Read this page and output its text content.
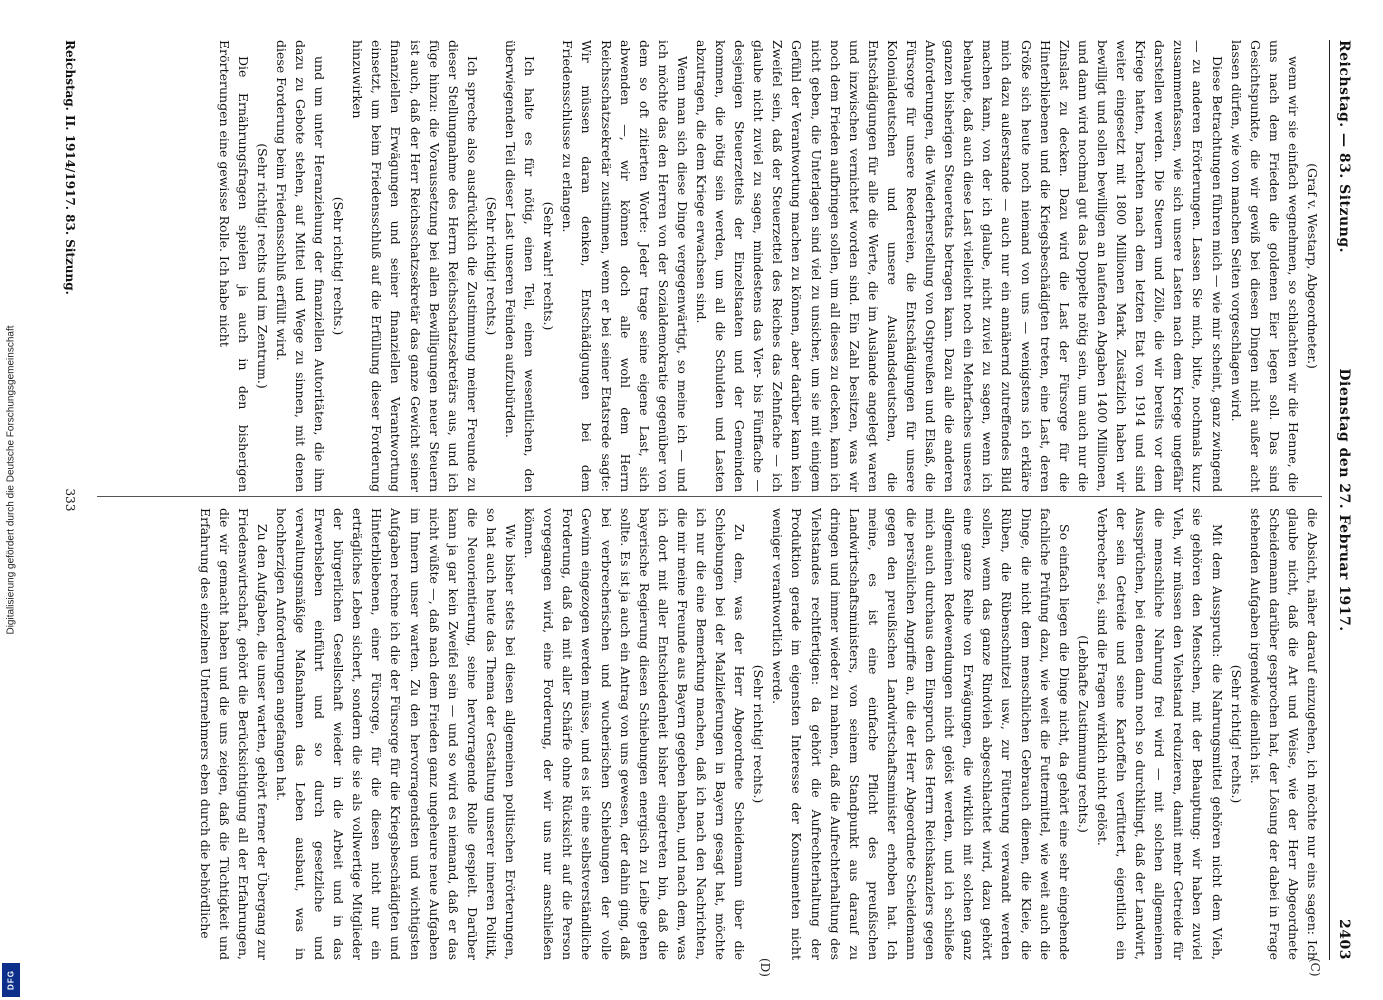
Digitalisierung gefördert durch die Deutsche Forschungsgemeinschaft
DFG
Reichstag. — 83. Sitzung.
Dienstag den 27. Februar 1917.
2403
(C)
(D)

(Graf v. Westarp, Abgeordneter.)

wenn wir sie einfach wegnehmen, so schlachten wir die Henne, die uns nach dem Frieden die goldenen Eier legen soll. Das sind Gesichtspunkte, die wir gewiß bei diesen Dingen nicht außer acht lassen dürfen, wie von manchen Seiten vorgeschlagen wird.

Diese Betrachtungen führen mich — wie mir scheint, ganz zwingend — zu anderen Erörterungen. Lassen Sie mich, bitte, nochmals kurz zusammenfassen, wie sich unsere Lasten nach dem Kriege ungefähr darstellen werden. Die Steuern und Zölle, die wir bereits vor dem Kriege hatten, brachten nach dem letzten Etat von 1914 und sind weiter eingesetzt mit 1800 Millionen Mark. Zusätzlich haben wir bewilligt und sollen bewilligen an laufenden Abgaben 1400 Millionen, und dann wird nochmal gut das Doppelte nötig sein, um auch nur die Zinslast zu decken. Dazu wird die Last der Fürsorge für die Hinterbliebenen und die Kriegsbeschädigten treten, eine Last, deren Größe sich heute noch niemand von uns — wenigstens ich erkläre mich dazu außerstande — auch nur ein annähernd zutreffendes Bild machen kann, von der ich glaube, nicht zuviel zu sagen, wenn ich behaupte, daß auch diese Last vielleicht noch ein Mehrfaches unseres ganzen bisherigen Steueretats betragen kann. Dazu alle die anderen Anforderungen, die Wiederherstellung von Ostpreußen und Elsaß, die Fürsorge für unsere Reedereien, die Entschädigungen für unsere Kolonialdeutschen und unsere Auslandsdeutschen, die Entschädigungen für alle die Werte, die im Auslande angelegt waren und inzwischen vernichtet worden sind. Ein Zahl besitzen, was wir noch dem Frieden aufbringen sollen, um all dieses zu decken, kann ich nicht geben, die Unterlagen sind viel zu unsicher, um sie mit einigem Gefühl der Verantwortung machen zu können, aber darüber kann kein Zweifel sein, daß der Steuerzettel des Reiches das Zehnfache — ich glaube nicht zuviel zu sagen, mindestens das Vier- bis Fünffache — desjenigen Steuerzettels der Einzelstaaten und der Gemeinden kommen, die nötig sein werden, um all die Schulden und Lasten abzutragen, die dem Kriege erwachsen sind.

Wenn man sich diese Dinge vergegenwärtigt, so meine ich — und ich möchte das den Herren von der Sozialdemokratie gegenüber von dem so oft zitierten Worte: Jeder trage seine eigene Last, sich abwenden —, wir können doch alle wohl dem Herrn Reichsschatzsekretär zustimmen, wenn er bei seiner Etatsrede sagte: Wir müssen daran denken, Entschädigungen bei dem Friedensschlusse zu erlangen.

(Sehr wahr! rechts.)

Ich halte es für nötig, einen Teil, einen wesentlichen, den überwiegenden Teil dieser Last unseren Feinden aufzubürden.

(Sehr richtig! rechts.)

Ich spreche also ausdrücklich die Zustimmung meiner Freunde zu dieser Stellungnahme des Herrn Reichsschatzsekretärs aus, und ich füge hinzu: die Voraussetzung bei allen Bewilligungen neuer Steuern ist auch, daß der Herr Reichsschatzsekretär das ganze Gewicht seiner finanziellen Erwägungen und seiner finanziellen Verantwortung einsetzt, um beim Friedensschluß auf die Erfüllung dieser Forderung hinzuwirken

(Sehr richtig! rechts.)

und um unter Heranziehung der finanziellen Autoritäten, die ihm dazu zu Gebote stehen, auf Mittel und Wege zu sinnen, mit denen diese Forderung beim Friedensschluß erfüllt wird.

(Sehr richtig! rechts und im Zentrum.)

Die Ernährungsfragen spielen ja auch in den bisherigen Erörterungen eine gewisse Rolle. Ich habe nicht

die Absicht, näher darauf einzugehen, ich möchte nur eins sagen: Ich glaube nicht, daß die Art und Weise, wie der Herr Abgeordnete Scheidemann darüber gesprochen hat, der Lösung der dabei in Frage stehenden Aufgaben irgendwie dienlich ist.

(Sehr richtig! rechts.)

Mit dem Ausspruch: die Nahrungsmittel gehören nicht dem Vieh, sie gehören den Menschen, mit der Behauptung: wir haben zuviel Vieh, wir müssen den Viehstand reduzieren, damit mehr Getreide für die menschliche Nahrung frei wird — mit solchen allgemeinen Aussprüchen, bei denen dann noch so durchklingt, daß der Landwirt, der sein Getreide und seine Kartoffeln verfüttert, eigentlich ein Verbrecher sei, sind die Fragen wirklich nicht gelöst.

(Lebhafte Zustimmung rechts.)

So einfach liegen die Dinge nicht, da gehört eine sehr eingehende fachliche Prüfung dazu, wie weit die Futtermittel, wie weit auch die Dinge, die nicht dem menschlichen Gebrauch dienen, die Kleie, die Rüben, die Rübenschnitzel usw., zur Fütterung verwandt werden sollen, wenn das ganze Rindvieh abgeschlachtet wird, dazu gehört eine ganze Reihe von Erwägungen, die wirklich mit solchen ganz allgemeinen Redewendungen nicht gelöst werden, und ich schließe mich auch durchaus dem Einspruch des Herrn Reichskanzlers gegen die persönlichen Angriffe an, die der Herr Abgeordnete Scheidemann gegen den preußischen Landwirtschaftsminister erhoben hat. Ich meine, es ist eine einfache Pflicht des preußischen Landwirtschaftsministers, von seinem Standpunkt aus darauf zu dringen und immer wieder zu mahnen, daß die Aufrechterhaltung des Viehstandes rechtfertigen: da gehört die Aufrechterhaltung der Produktion gerade im eigensten Interesse der Konsumenten nicht weniger verantwortlich werde.

(Sehr richtig! rechts.)

Zu dem, was der Herr Abgeordnete Scheidemann über die Schiebungen bei der Malzlieferungen in Bayern gesagt hat, möchte ich nur die eine Bemerkung machen, daß ich nach den Nachrichten, die mir meine Freunde aus Bayern gegeben haben, und nach dem, was ich dort mit aller Entschiedenheit bisher eingetreten bin, daß die bayerische Regierung diesen Schiebungen energisch zu Leibe gehen sollte. Es ist ja auch ein Antrag von uns gewesen, der dahin ging, daß bei verbrecherischen und wucherischen Schiebungen der volle Gewinn eingezogen werden müsse, und es ist eine selbstverständliche Forderung, daß da mit aller Schärfe ohne Rücksicht auf die Person vorgegangen wird, eine Forderung, der wir uns nur anschließen können.

Wie bisher stets bei diesen allgemeinen politischen Erörterungen, so hat auch heute das Thema der Gestaltung unserer inneren Politik, die Neuorientierung, seine hervorragende Rolle gespielt. Darüber kann ja gar kein Zweifel sein — und so wird es niemand, daß er das nicht wüßte —, daß nach dem Frieden ganz ungeheure neue Aufgaben im Innern unser warten. Zu den hervorragendsten und wichtigsten Aufgaben rechne ich die der Fürsorge für die Kriegsbeschädigten und Hinterbliebenen, einer Fürsorge, für die diesen nicht nur ein erträgliches Leben sichert, sondern die sie als vollwertige Mitglieder der bürgerlichen Gesellschaft wieder in die Arbeit und in das Erwerbsleben einführt und so durch gesetzliche und verwaltungsmäßige Maßnahmen das Leben ausbaut, was in hochherzigen Anforderungen angefangen hat.

Zu den Aufgaben, die unser warten, gehört ferner der Übergang zur Friedenswirtschaft, gehört die Berücksichtigung all der Erfahrungen, die wir gemacht haben und die uns zeigen, daß die Tüchtigkeit und Erfahrung des einzelnen Unternehmers eben durch die behördliche

Reichstag. II. 1914/1917. 83. Sitzung.
333
